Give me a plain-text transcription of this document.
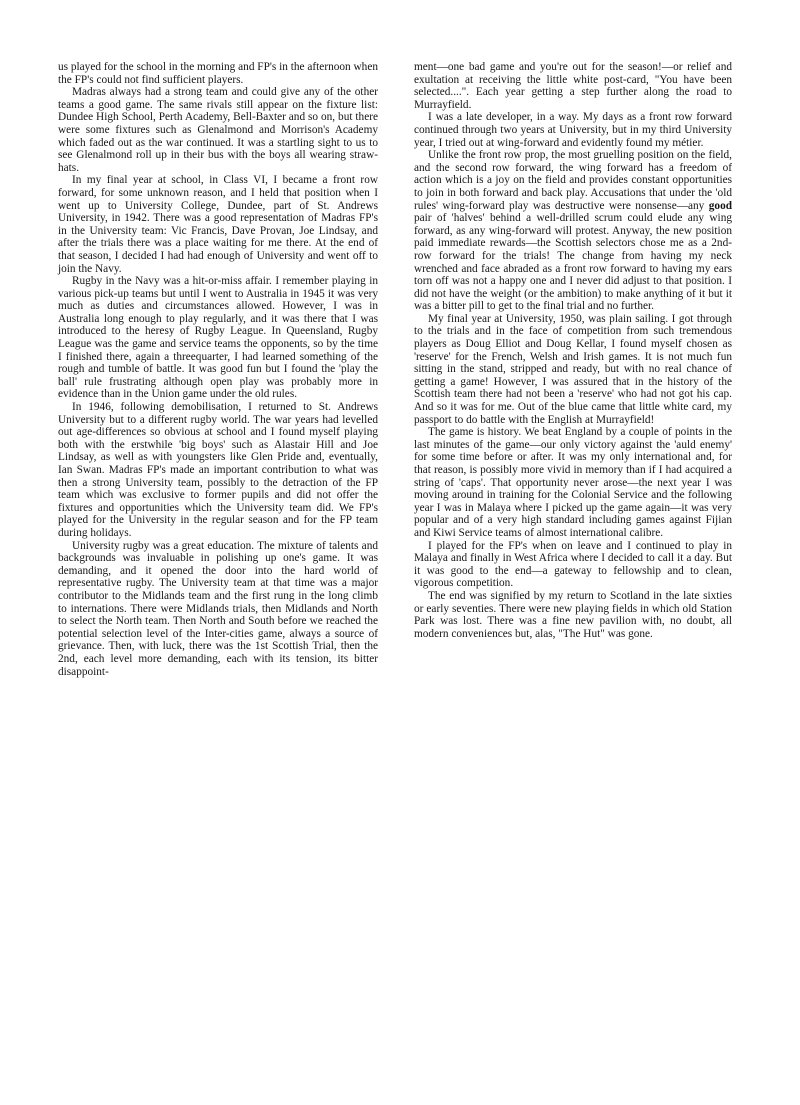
us played for the school in the morning and FP's in the afternoon when the FP's could not find sufficient players.

Madras always had a strong team and could give any of the other teams a good game. The same rivals still appear on the fixture list: Dundee High School, Perth Academy, Bell-Baxter and so on, but there were some fixtures such as Glenalmond and Morrison's Academy which faded out as the war continued. It was a startling sight to us to see Glenalmond roll up in their bus with the boys all wearing straw-hats.

In my final year at school, in Class VI, I became a front row forward, for some unknown reason, and I held that position when I went up to University College, Dundee, part of St. Andrews University, in 1942. There was a good representation of Madras FP's in the University team: Vic Francis, Dave Provan, Joe Lindsay, and after the trials there was a place waiting for me there. At the end of that season, I decided I had had enough of University and went off to join the Navy.

Rugby in the Navy was a hit-or-miss affair. I remember playing in various pick-up teams but until I went to Australia in 1945 it was very much as duties and circumstances allowed. However, I was in Australia long enough to play regularly, and it was there that I was introduced to the heresy of Rugby League. In Queensland, Rugby League was the game and service teams the opponents, so by the time I finished there, again a threequarter, I had learned something of the rough and tumble of battle. It was good fun but I found the 'play the ball' rule frustrating although open play was probably more in evidence than in the Union game under the old rules.

In 1946, following demobilisation, I returned to St. Andrews University but to a different rugby world. The war years had levelled out age-differences so obvious at school and I found myself playing both with the erstwhile 'big boys' such as Alastair Hill and Joe Lindsay, as well as with youngsters like Glen Pride and, eventually, Ian Swan. Madras FP's made an important contribution to what was then a strong University team, possibly to the detraction of the FP team which was exclusive to former pupils and did not offer the fixtures and opportunities which the University team did. We FP's played for the University in the regular season and for the FP team during holidays.

University rugby was a great education. The mixture of talents and backgrounds was invaluable in polishing up one's game. It was demanding, and it opened the door into the hard world of representative rugby. The University team at that time was a major contributor to the Midlands team and the first rung in the long climb to internations. There were Midlands trials, then Midlands and North to select the North team. Then North and South before we reached the potential selection level of the Inter-cities game, always a source of grievance. Then, with luck, there was the 1st Scottish Trial, then the 2nd, each level more demanding, each with its tension, its bitter disappoint-

ment—one bad game and you're out for the season!—or relief and exultation at receiving the little white post-card, "You have been selected....". Each year getting a step further along the road to Murrayfield.

I was a late developer, in a way. My days as a front row forward continued through two years at University, but in my third University year, I tried out at wing-forward and evidently found my métier.

Unlike the front row prop, the most gruelling position on the field, and the second row forward, the wing forward has a freedom of action which is a joy on the field and provides constant opportunities to join in both forward and back play. Accusations that under the 'old rules' wing-forward play was destructive were nonsense—any good pair of 'halves' behind a well-drilled scrum could elude any wing forward, as any wing-forward will protest. Anyway, the new position paid immediate rewards—the Scottish selectors chose me as a 2nd-row forward for the trials! The change from having my neck wrenched and face abraded as a front row forward to having my ears torn off was not a happy one and I never did adjust to that position. I did not have the weight (or the ambition) to make anything of it but it was a bitter pill to get to the final trial and no further.

My final year at University, 1950, was plain sailing. I got through to the trials and in the face of competition from such tremendous players as Doug Elliot and Doug Kellar, I found myself chosen as 'reserve' for the French, Welsh and Irish games. It is not much fun sitting in the stand, stripped and ready, but with no real chance of getting a game! However, I was assured that in the history of the Scottish team there had not been a 'reserve' who had not got his cap. And so it was for me. Out of the blue came that little white card, my passport to do battle with the English at Murrayfield!

The game is history. We beat England by a couple of points in the last minutes of the game—our only victory against the 'auld enemy' for some time before or after. It was my only international and, for that reason, is possibly more vivid in memory than if I had acquired a string of 'caps'. That opportunity never arose—the next year I was moving around in training for the Colonial Service and the following year I was in Malaya where I picked up the game again—it was very popular and of a very high standard including games against Fijian and Kiwi Service teams of almost international calibre.

I played for the FP's when on leave and I continued to play in Malaya and finally in West Africa where I decided to call it a day. But it was good to the end—a gateway to fellowship and to clean, vigorous competition.

The end was signified by my return to Scotland in the late sixties or early seventies. There were new playing fields in which old Station Park was lost. There was a fine new pavilion with, no doubt, all modern conveniences but, alas, "The Hut" was gone.
